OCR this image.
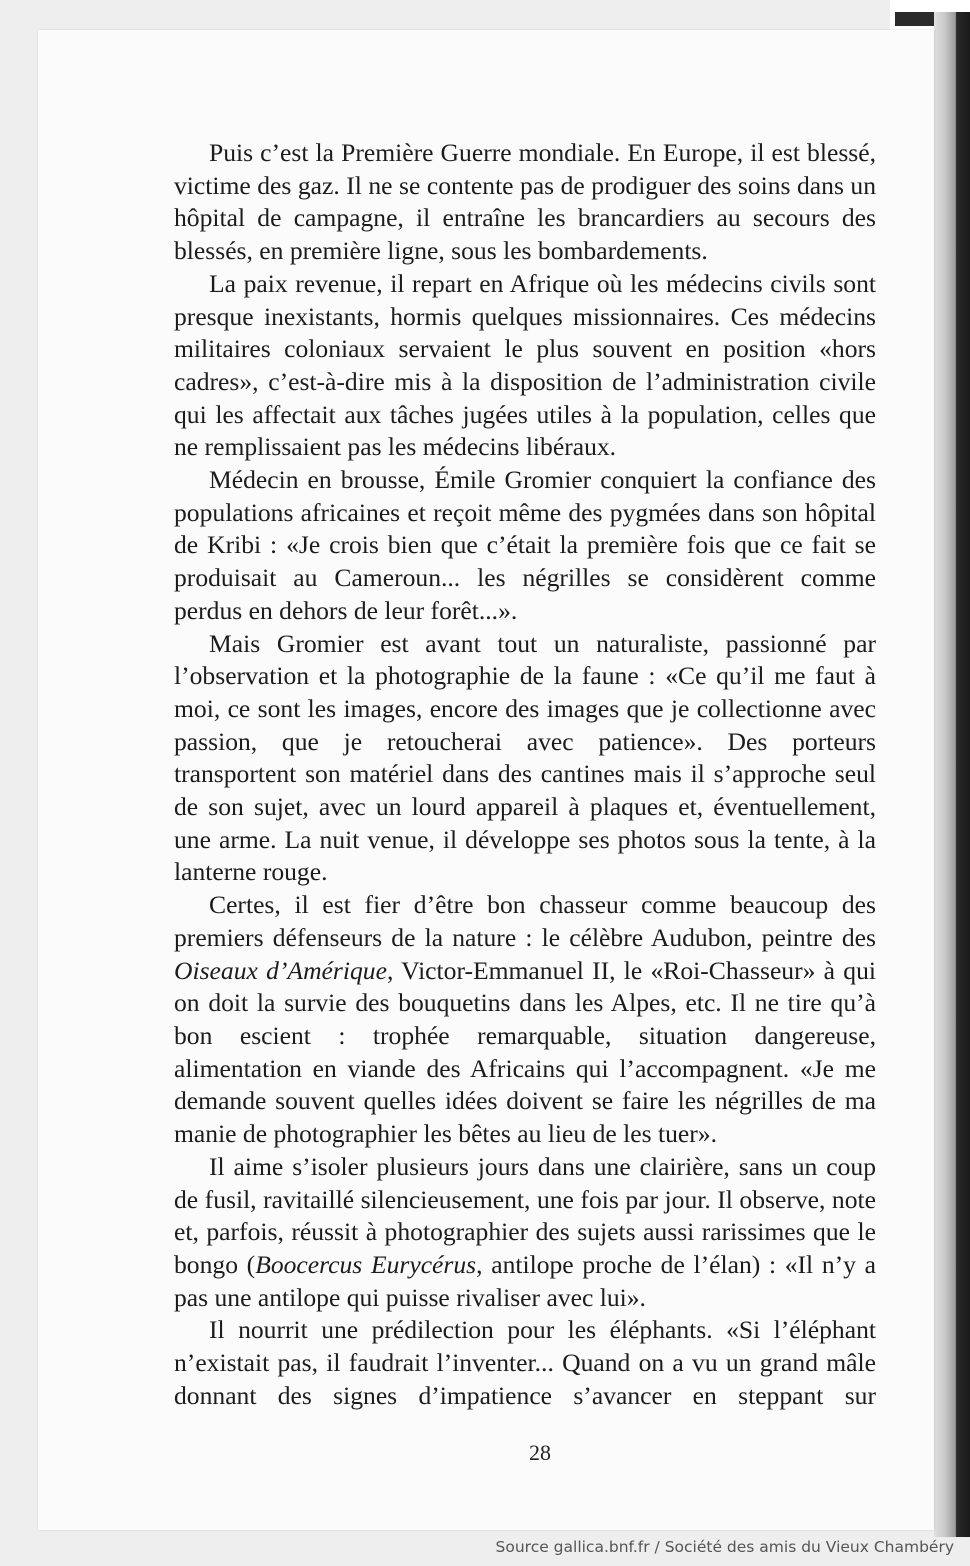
Puis c’est la Première Guerre mondiale. En Europe, il est blessé, victime des gaz. Il ne se contente pas de prodiguer des soins dans un hôpital de campagne, il entraîne les brancardiers au secours des blessés, en première ligne, sous les bombardements.

La paix revenue, il repart en Afrique où les médecins civils sont presque inexistants, hormis quelques missionnaires. Ces médecins militaires coloniaux servaient le plus souvent en position «hors cadres», c’est-à-dire mis à la disposition de l’administration civile qui les affectait aux tâches jugées utiles à la population, celles que ne remplissaient pas les médecins libéraux.

Médecin en brousse, Émile Gromier conquiert la confiance des populations africaines et reçoit même des pygmées dans son hôpital de Kribi : «Je crois bien que c’était la première fois que ce fait se produisait au Cameroun... les négrilles se considèrent comme perdus en dehors de leur forêt...».

Mais Gromier est avant tout un naturaliste, passionné par l’observation et la photographie de la faune : «Ce qu’il me faut à moi, ce sont les images, encore des images que je collectionne avec passion, que je retoucherai avec patience». Des porteurs transportent son matériel dans des cantines mais il s’approche seul de son sujet, avec un lourd appareil à plaques et, éventuellement, une arme. La nuit venue, il développe ses photos sous la tente, à la lanterne rouge.

Certes, il est fier d’être bon chasseur comme beaucoup des premiers défenseurs de la nature : le célèbre Audubon, peintre des Oiseaux d’Amérique, Victor-Emmanuel II, le «Roi-Chasseur» à qui on doit la survie des bouquetins dans les Alpes, etc. Il ne tire qu’à bon escient : trophée remarquable, situation dangereuse, alimentation en viande des Africains qui l’accompagnent. «Je me demande souvent quelles idées doivent se faire les négrilles de ma manie de photographier les bêtes au lieu de les tuer».

Il aime s’isoler plusieurs jours dans une clairière, sans un coup de fusil, ravitaillé silencieusement, une fois par jour. Il observe, note et, parfois, réussit à photographier des sujets aussi rarissimes que le bongo (Boocercus Eurycérus, antilope proche de l’élan) : «Il n’y a pas une antilope qui puisse rivaliser avec lui».

Il nourrit une prédilection pour les éléphants. «Si l’éléphant n’existait pas, il faudrait l’inventer... Quand on a vu un grand mâle donnant des signes d’impatience s’avancer en steppant sur

28
Source gallica.bnf.fr / Société des amis du Vieux Chambéry
